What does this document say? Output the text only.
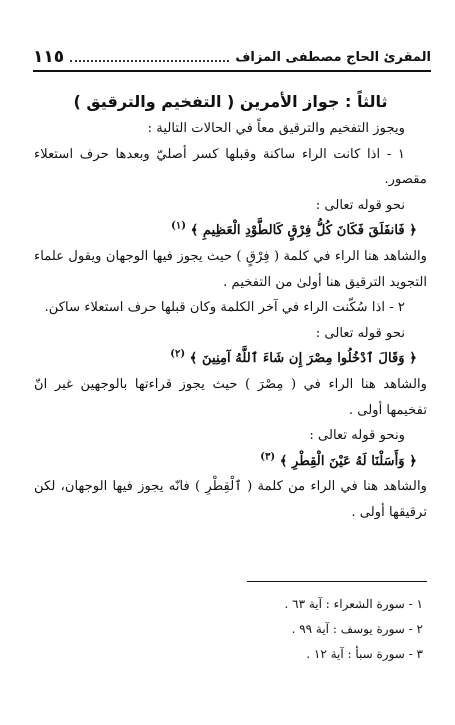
المقرئ الحاج مصطفى المزاف
١١٥

ثالثاً : جواز الأمرين ( التفخيم والترقيق )

ويجوز التفخيم والترقيق معاً في الحالات التالية :

١ - اذا كانت الراء ساكنة وقبلها كسر أصليّ وبعدها حرف استعلاء مقصور.

نحو قوله تعالى :

﴿ فَانفَلَقَ فَكَانَ كُلُّ فِرْقٍ كَالطَّوْدِ الْعَظِيمِ ﴾ $^{(١)}$

والشاهد هنا الراء في كلمة ( فِرْقٍ ) حيث يجوز فيها الوجهان ويقول علماء التجويد الترقيق هنا أولىٰ من التفخيم .

٢ - اذا سُكّنت الراء في آخر الكلمة وكان قبلها حرف استعلاء ساكن.

نحو قوله تعالى :

﴿ وَقَالَ ٱدْخُلُوا مِصْرَ إِن شَاءَ ٱللَّهُ آمِنِينَ ﴾ $^{(٢)}$

والشاهد هنا الراء في ( مِصْرَ ) حيث يجوز قراءتها بالوجهين غير انّ تفخيمها أولى .

ونحو قوله تعالى :

﴿ وَأَسَلْنَا لَهُ عَيْنَ الْقِطْرِ ﴾ $^{(٣)}$

والشاهد هنا في الراء من كلمة ( ٱلْقِطْرِ ) فانّه يجوز فيها الوجهان، لكن ترقيقها أولى .

١ - سورة الشعراء : آية ٦٣ .

٢ - سورة يوسف : آية ٩٩ .

٣ - سورة سبأ : آية ١٢ .
